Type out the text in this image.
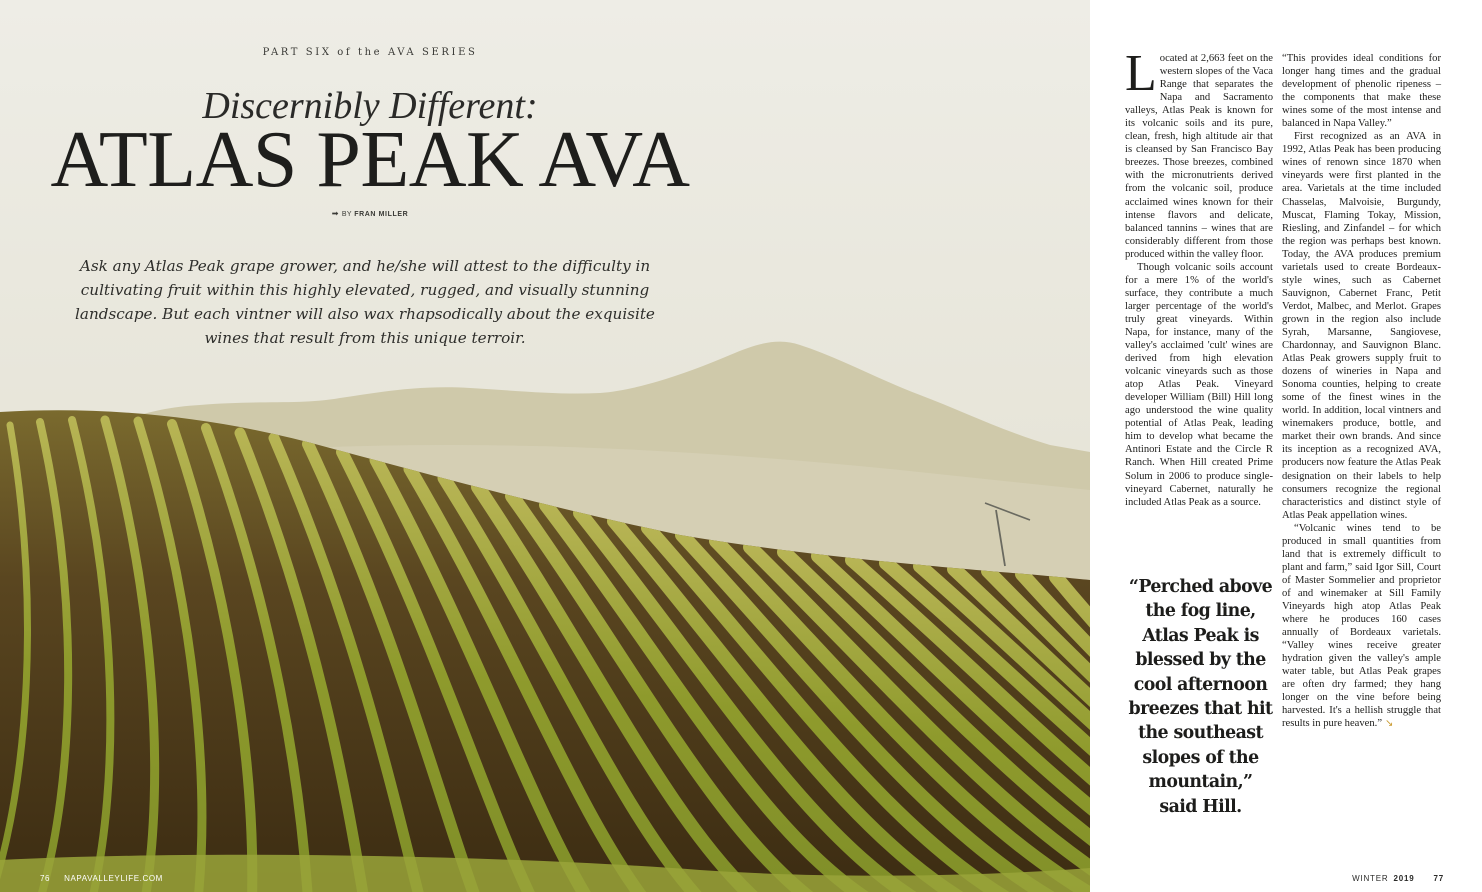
PART SIX of the AVA SERIES
Discernibly Different:
ATLAS PEAK AVA
➡ BY FRAN MILLER
Ask any Atlas Peak grape grower, and he/she will attest to the difficulty in cultivating fruit within this highly elevated, rugged, and visually stunning landscape. But each vintner will also wax rhapsodically about the exquisite wines that result from this unique terroir.
76 NAPAVALLEYLIFE.COM

Located at 2,663 feet on the western slopes of the Vaca Range that separates the Napa and Sacramento valleys, Atlas Peak is known for its volcanic soils and its pure, clean, fresh, high altitude air that is cleansed by San Francisco Bay breezes. Those breezes, combined with the micronutrients derived from the volcanic soil, produce acclaimed wines known for their intense flavors and delicate, balanced tannins – wines that are considerably different from those produced within the valley floor.

Though volcanic soils account for a mere 1% of the world's surface, they contribute a much larger percentage of the world's truly great vineyards. Within Napa, for instance, many of the valley's acclaimed 'cult' wines are derived from high elevation volcanic vineyards such as those atop Atlas Peak. Vineyard developer William (Bill) Hill long ago understood the wine quality potential of Atlas Peak, leading him to develop what became the Antinori Estate and the Circle R Ranch. When Hill created Prime Solum in 2006 to produce single-vineyard Cabernet, naturally he included Atlas Peak as a source.

“Perched above the fog line, Atlas Peak is blessed by the cool afternoon breezes that hit the southeast slopes of the mountain,” said Hill.

“This provides ideal conditions for longer hang times and the gradual development of phenolic ripeness – the components that make these wines some of the most intense and balanced in Napa Valley.”

First recognized as an AVA in 1992, Atlas Peak has been producing wines of renown since 1870 when vineyards were first planted in the area. Varietals at the time included Chasselas, Malvoisie, Burgundy, Muscat, Flaming Tokay, Mission, Riesling, and Zinfandel – for which the region was perhaps best known. Today, the AVA produces premium varietals used to create Bordeaux-style wines, such as Cabernet Sauvignon, Cabernet Franc, Petit Verdot, Malbec, and Merlot. Grapes grown in the region also include Syrah, Marsanne, Sangiovese, Chardonnay, and Sauvignon Blanc. Atlas Peak growers supply fruit to dozens of wineries in Napa and Sonoma counties, helping to create some of the finest wines in the world. In addition, local vintners and winemakers produce, bottle, and market their own brands. And since its inception as a recognized AVA, producers now feature the Atlas Peak designation on their labels to help consumers recognize the regional characteristics and distinct style of Atlas Peak appellation wines.

“Volcanic wines tend to be produced in small quantities from land that is extremely difficult to plant and farm,” said Igor Sill, Court of Master Sommelier and proprietor of and winemaker at Sill Family Vineyards high atop Atlas Peak where he produces 160 cases annually of Bordeaux varietals. “Valley wines receive greater hydration given the valley's ample water table, but Atlas Peak grapes are often dry farmed; they hang longer on the vine before being harvested. It's a hellish struggle that results in pure heaven.” ↘

WINTER 2019 77
